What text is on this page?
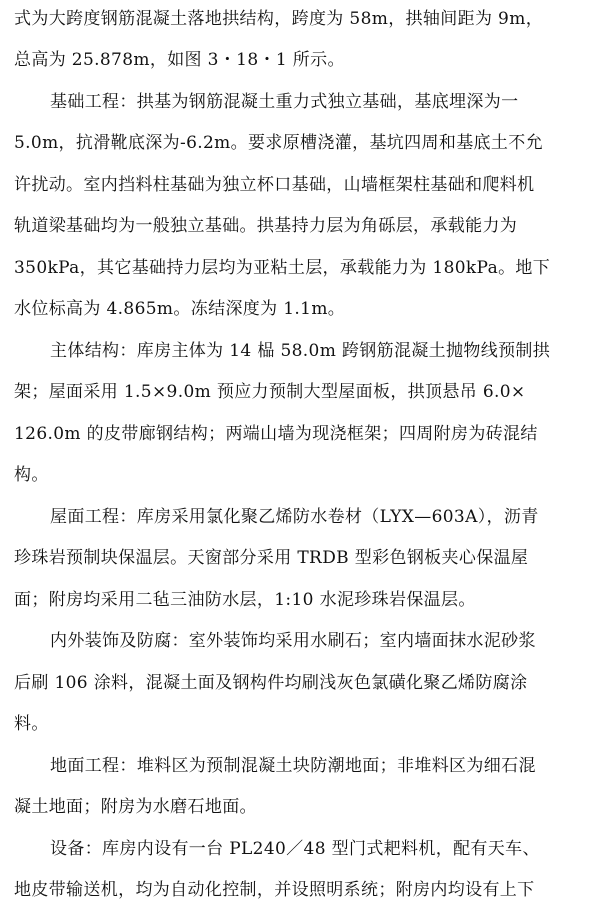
式为大跨度钢筋混凝土落地拱结构，跨度为 58m，拱轴间距为 9m，
总高为 25.878m，如图 3・18・1 所示。
基础工程：拱基为钢筋混凝土重力式独立基础，基底埋深为一
5.0m，抗滑靴底深为-6.2m。要求原槽浇灌，基坑四周和基底土不允
许扰动。室内挡料柱基础为独立杯口基础，山墙框架柱基础和爬料机
轨道梁基础均为一般独立基础。拱基持力层为角砾层，承载能力为
350kPa，其它基础持力层均为亚粘土层，承载能力为 180kPa。地下
水位标高为 4.865m。冻结深度为 1.1m。
主体结构：库房主体为 14 榀 58.0m 跨钢筋混凝土抛物线预制拱
架；屋面采用 1.5×9.0m 预应力预制大型屋面板，拱顶悬吊 6.0×
126.0m 的皮带廊钢结构；两端山墙为现浇框架；四周附房为砖混结
构。
屋面工程：库房采用氯化聚乙烯防水卷材（LYX—603A），沥青
珍珠岩预制块保温层。天窗部分采用 TRDB 型彩色钢板夹心保温屋
面；附房均采用二毡三油防水层，1:10 水泥珍珠岩保温层。
内外装饰及防腐：室外装饰均采用水刷石；室内墙面抹水泥砂浆
后刷 106 涂料，混凝土面及钢构件均刷浅灰色氯磺化聚乙烯防腐涂
料。
地面工程：堆料区为预制混凝土块防潮地面；非堆料区为细石混
凝土地面；附房为水磨石地面。
设备：库房内设有一台 PL240／48 型门式耙料机，配有天车、
地皮带输送机，均为自动化控制，并设照明系统；附房内均设有上下
